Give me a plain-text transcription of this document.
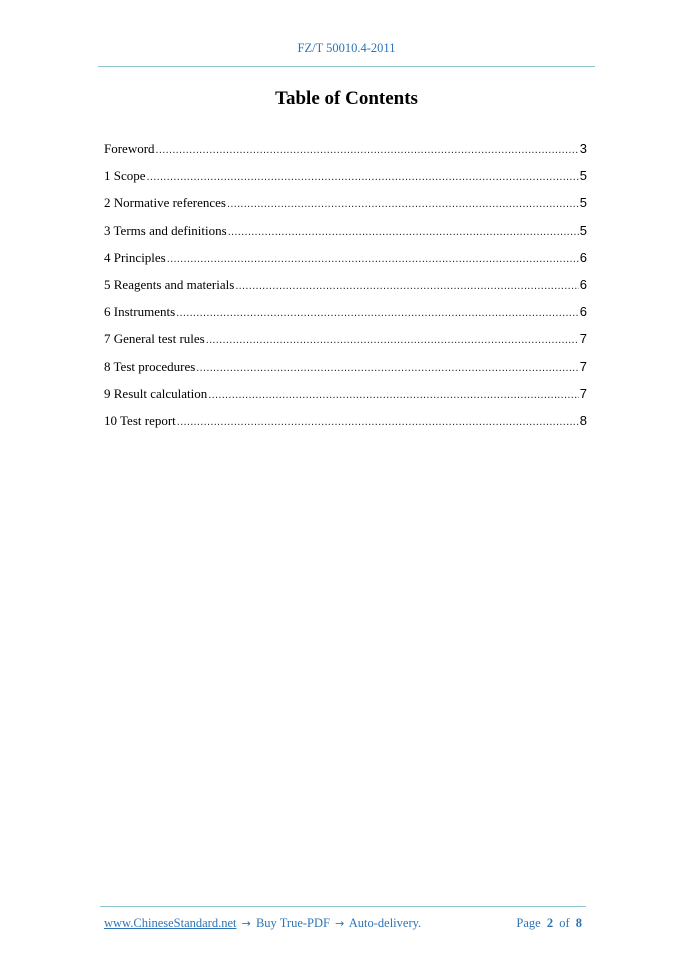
FZ/T 50010.4-2011
Table of Contents
Foreword .....	3
1 Scope .....	5
2 Normative references .....	5
3 Terms and definitions .....	5
4 Principles .....	6
5 Reagents and materials .....	6
6 Instruments .....	6
7 General test rules .....	7
8 Test procedures .....	7
9 Result calculation .....	7
10 Test report .....	8
www.ChineseStandard.net → Buy True-PDF → Auto-delivery.	Page 2 of 8
